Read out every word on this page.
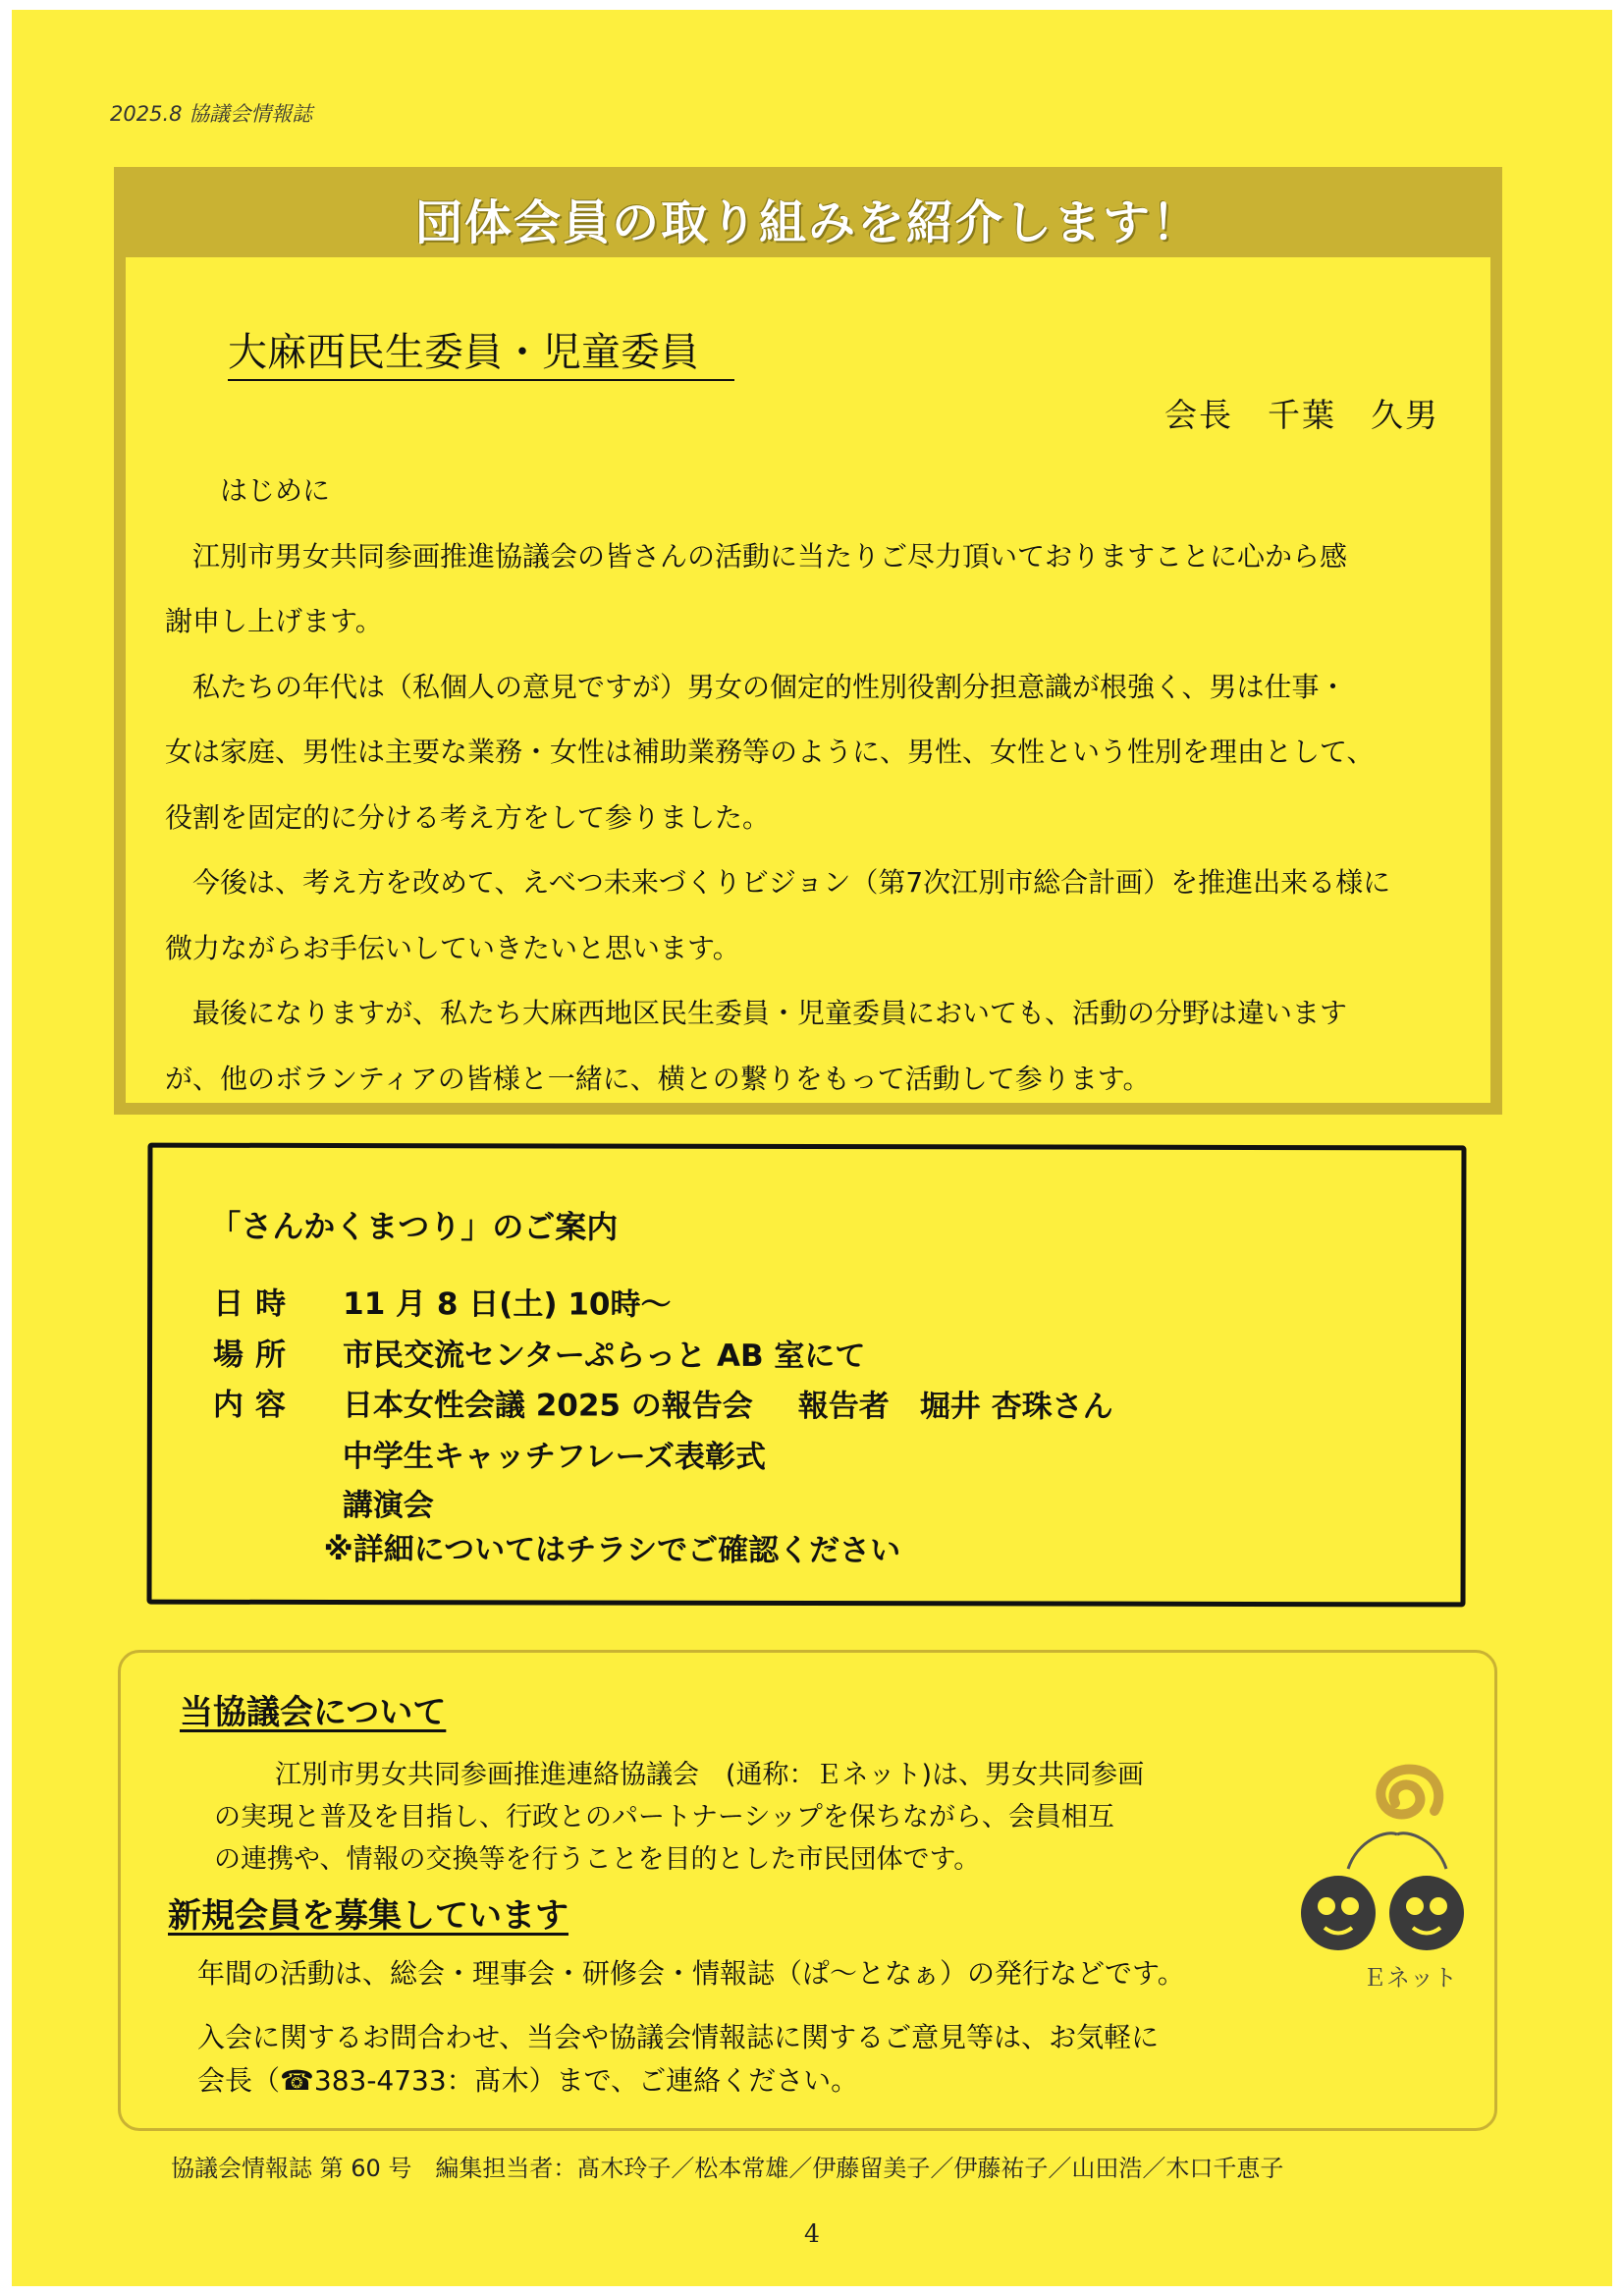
2025.8 協議会情報誌
団体会員の取り組みを紹介します！
大麻西民生委員・児童委員
会長　千葉　久男

はじめに

江別市男女共同参画推進協議会の皆さんの活動に当たりご尽力頂いておりますことに心から感

謝申し上げます。

私たちの年代は（私個人の意見ですが）男女の個定的性別役割分担意識が根強く、男は仕事・

女は家庭、男性は主要な業務・女性は補助業務等のように、男性、女性という性別を理由として、

役割を固定的に分ける考え方をして参りました。

今後は、考え方を改めて、えべつ未来づくりビジョン（第7次江別市総合計画）を推進出来る様に

微力ながらお手伝いしていきたいと思います。

最後になりますが、私たち大麻西地区民生委員・児童委員においても、活動の分野は違います

が、他のボランティアの皆様と一緒に、横との繋りをもって活動して参ります。

「さんかくまつり」のご案内
日時	11 月 8 日(土) 10時～
場所	市民交流センターぷらっと AB 室にて
内容	日本女性会議 2025 の報告会 報告者　堀井 杏珠さん
中学生キャッチフレーズ表彰式
講演会
※詳細についてはチラシでご確認ください
当協議会について

江別市男女共同参画推進連絡協議会　(通称：Ｅネット)は、男女共同参画

の実現と普及を目指し、行政とのパートナーシップを保ちながら、会員相互

の連携や、情報の交換等を行うことを目的とした市民団体です。

新規会員を募集しています
年間の活動は、総会・理事会・研修会・情報誌（ぱ～となぁ）の発行などです。
入会に関するお問合わせ、当会や協議会情報誌に関するご意見等は、お気軽に
会長（☎383-4733：髙木）まで、ご連絡ください。
Ｅネット
協議会情報誌 第 60 号　編集担当者：髙木玲子／松本常雄／伊藤留美子／伊藤祐子／山田浩／木口千恵子
4
